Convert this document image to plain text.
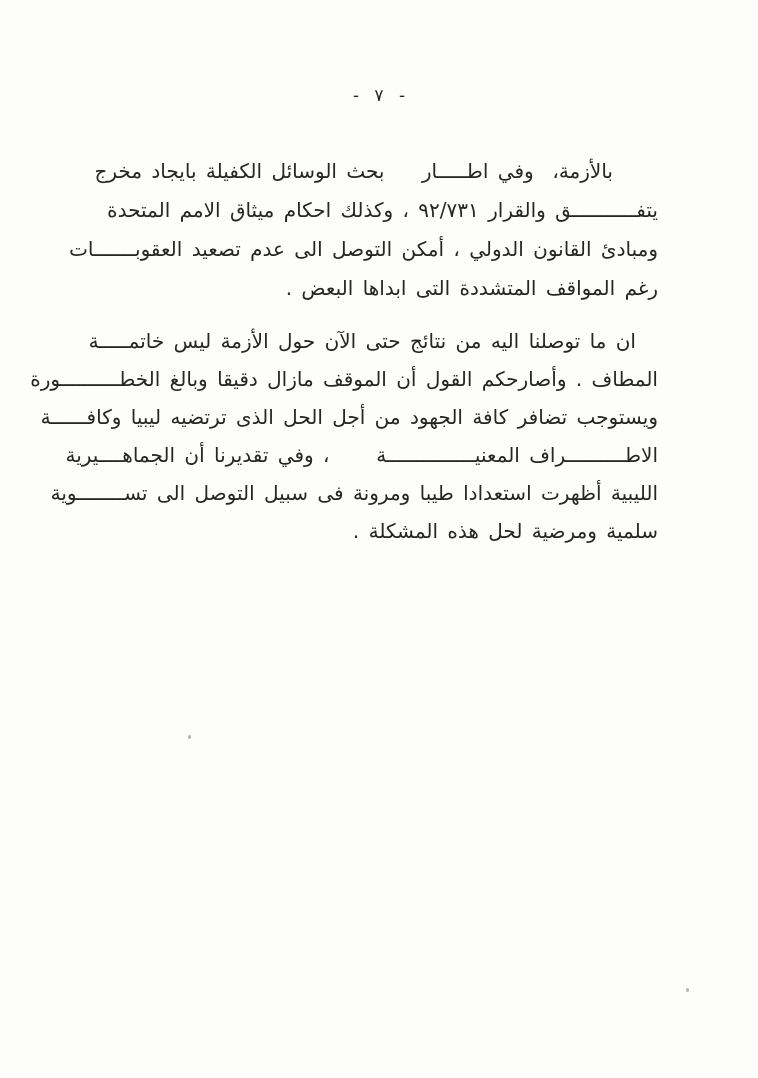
- ٧ -
بالأزمة،  وفي اطـــــار    بحث الوسائل الكفيلة بايجاد مخرج
يتفـــــــــــق والقرار ٩٢/٧٣١ ، وكذلك احكام ميثاق الامم المتحدة
ومبادئ القانون الدولي ، أمكن التوصل الى عدم تصعيد العقوبـــــــات
رغم المواقف المتشددة التى ابداها البعض .
ان ما توصلنا اليه من نتائج حتى الآن حول الأزمة ليس خاتمـــــة
المطاف . وأصارحكم القول أن الموقف مازال دقيقا وبالغ الخطــــــــــورة
ويستوجب تضافر كافة الجهود من أجل الحل الذى ترتضيه ليبيا وكافــــــة
الاطــــــــــراف المعنيـــــــــــــــة     ، وفي تقديرنا أن الجماهــــيرية
الليبية أظهرت استعدادا طيبا ومرونة فى سبيل التوصل الى تســــــــوية
سلمية ومرضية لحل هذه المشكلة .
